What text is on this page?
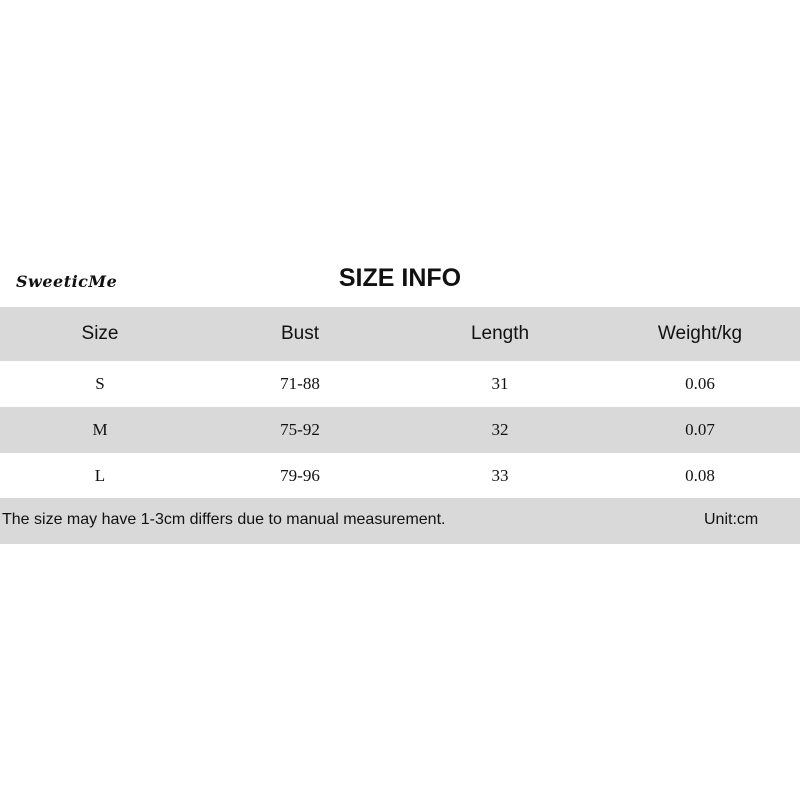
SweeticMe	SIZE INFO
Size	Bust	Length	Weight/kg
S	71-88	31	0.06
M	75-92	32	0.07
L	79-96	33	0.08
The size may have 1-3cm differs due to manual measurement.	Unit:cm
